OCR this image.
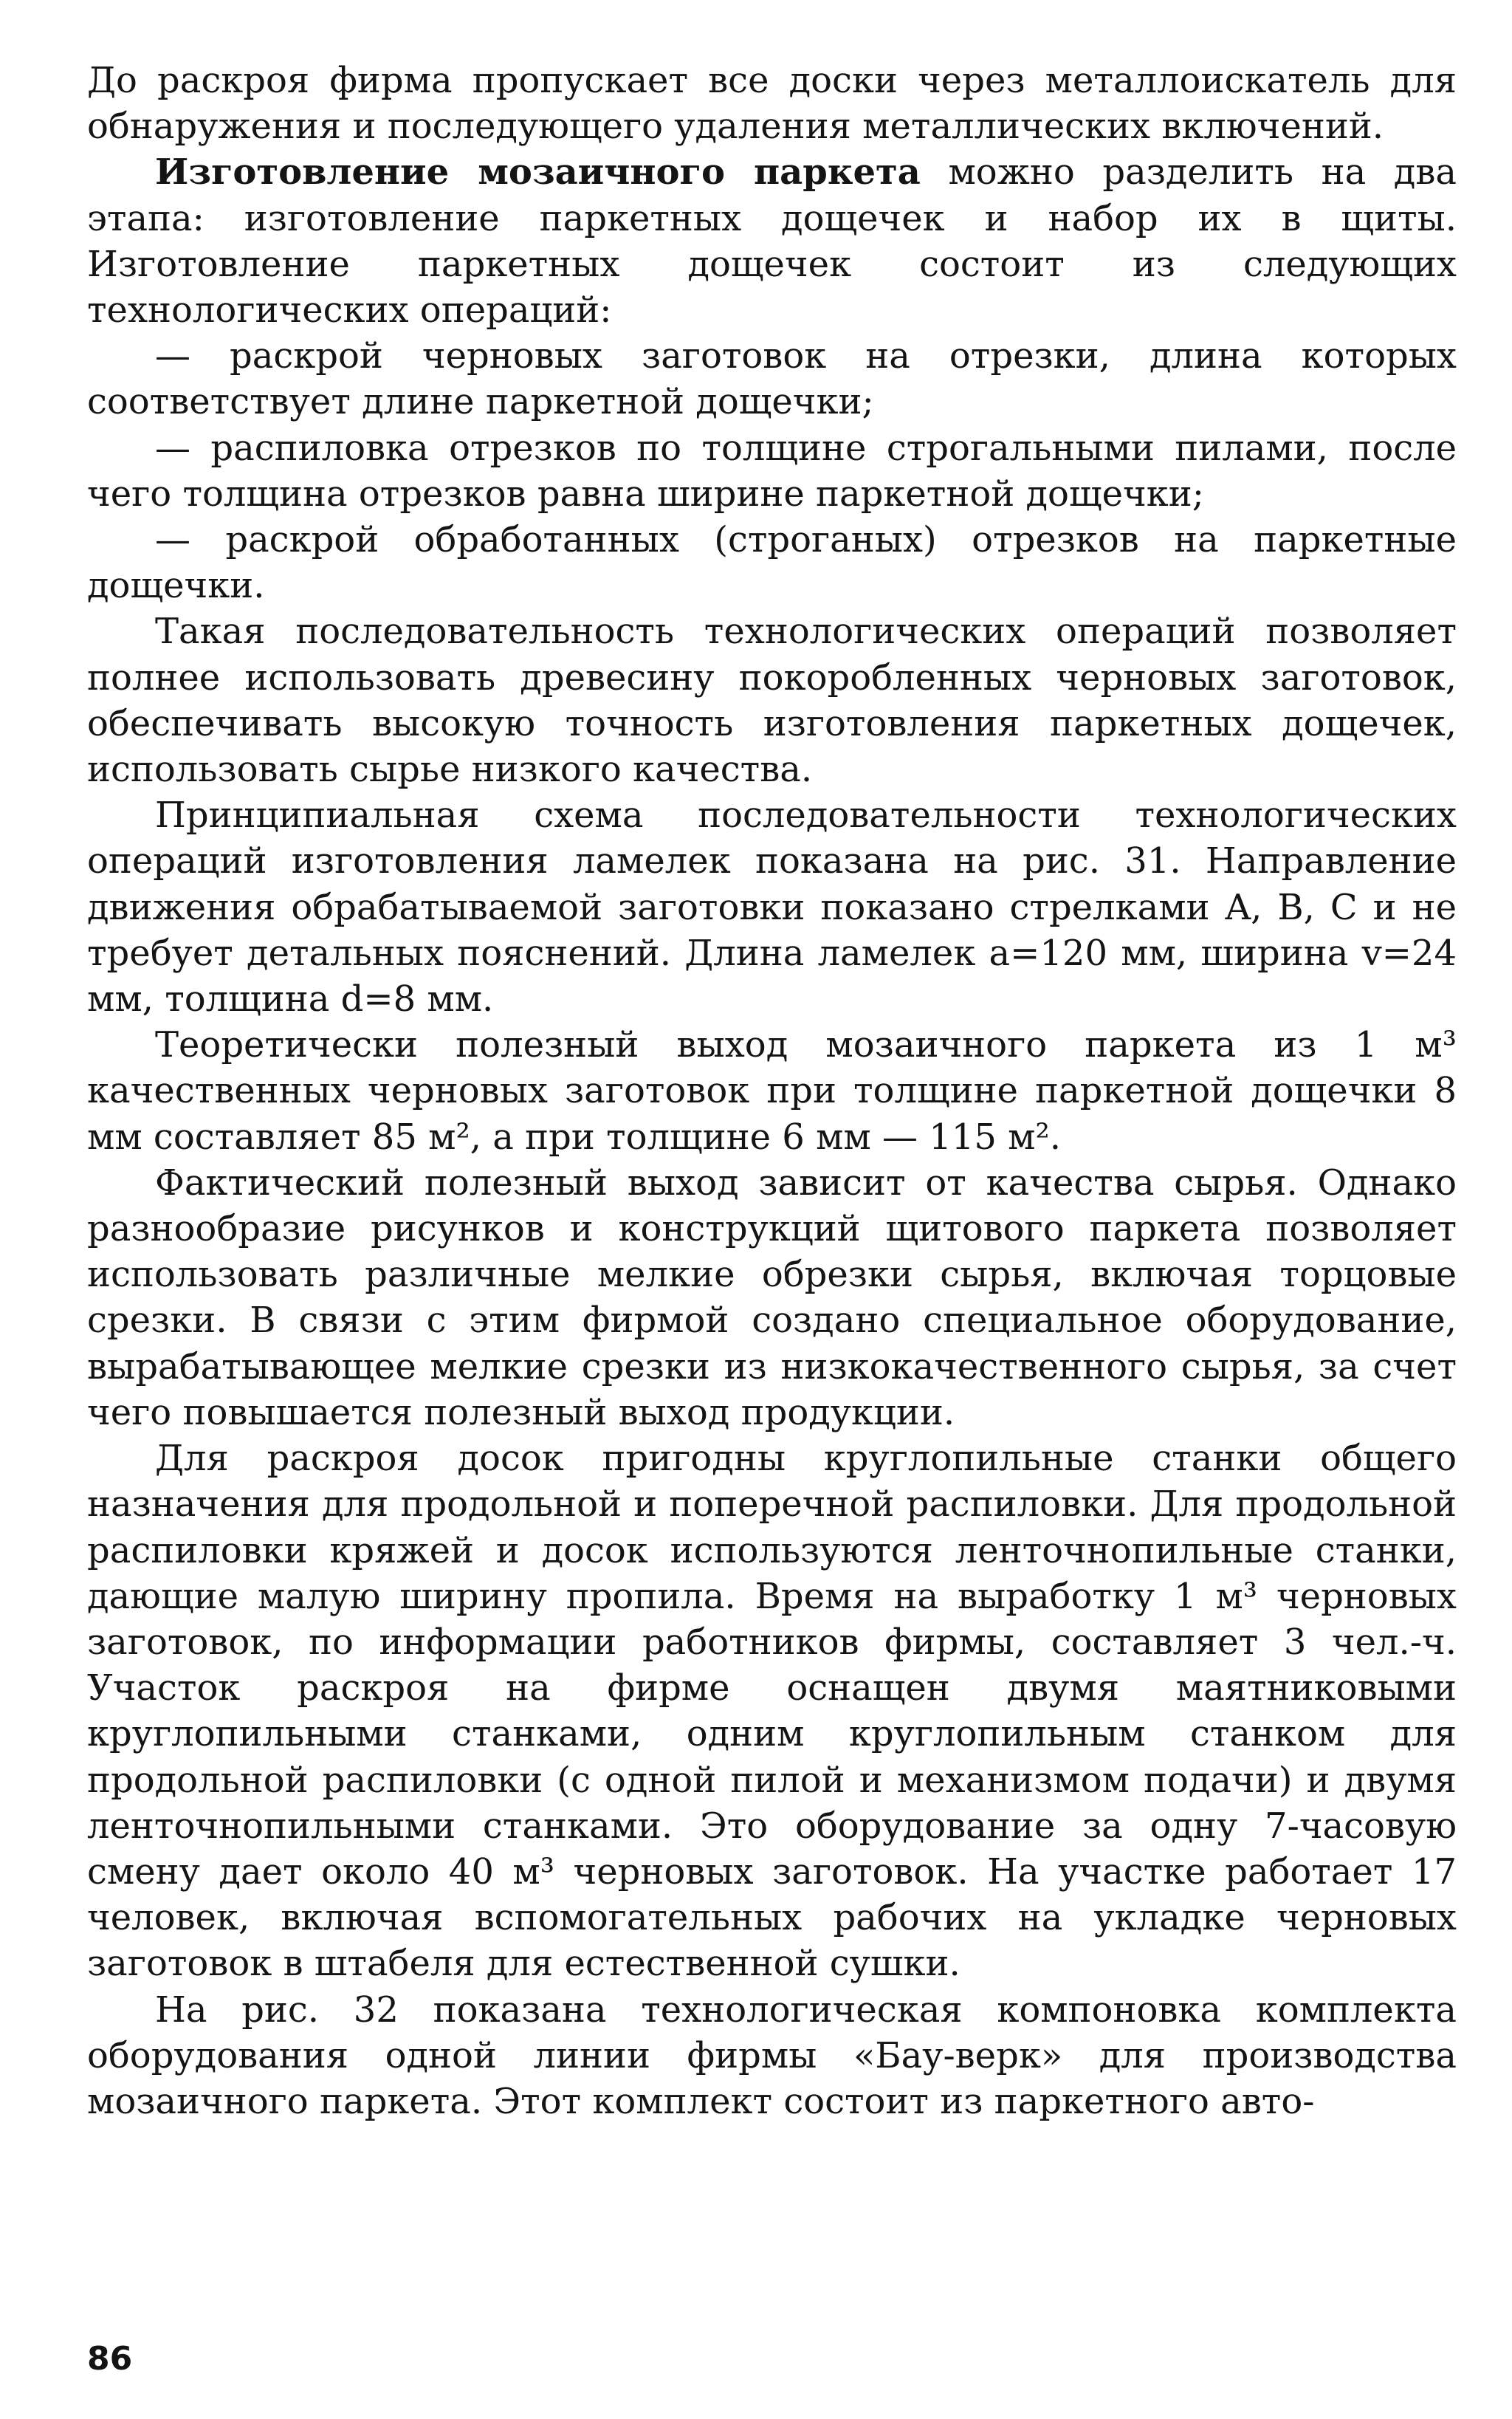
До раскроя фирма пропускает все доски через металлоискатель для обнаружения и последующего удаления металлических включений.

Изготовление мозаичного паркета можно разделить на два этапа: изготовление паркетных дощечек и набор их в щиты. Изготовление паркетных дощечек состоит из следующих технологических операций:

— раскрой черновых заготовок на отрезки, длина которых соответствует длине паркетной дощечки;

— распиловка отрезков по толщине строгальными пилами, после чего толщина отрезков равна ширине паркетной дощечки;

— раскрой обработанных (строганых) отрезков на паркетные дощечки.

Такая последовательность технологических операций позволяет полнее использовать древесину покоробленных черновых заготовок, обеспечивать высокую точность изготовления паркетных дощечек, использовать сырье низкого качества.

Принципиальная схема последовательности технологических операций изготовления ламелек показана на рис. 31. Направление движения обрабатываемой заготовки показано стрелками A, B, C и не требует детальных пояснений. Длина ламелек a=120 мм, ширина v=24 мм, толщина d=8 мм.

Теоретически полезный выход мозаичного паркета из 1 м³ качественных черновых заготовок при толщине паркетной дощечки 8 мм составляет 85 м², а при толщине 6 мм — 115 м².

Фактический полезный выход зависит от качества сырья. Однако разнообразие рисунков и конструкций щитового паркета позволяет использовать различные мелкие обрезки сырья, включая торцовые срезки. В связи с этим фирмой создано специальное оборудование, вырабатывающее мелкие срезки из низкокачественного сырья, за счет чего повышается полезный выход продукции.

Для раскроя досок пригодны круглопильные станки общего назначения для продольной и поперечной распиловки. Для продольной распиловки кряжей и досок используются ленточнопильные станки, дающие малую ширину пропила. Время на выработку 1 м³ черновых заготовок, по информации работников фирмы, составляет 3 чел.-ч. Участок раскроя на фирме оснащен двумя маятниковыми круглопильными станками, одним круглопильным станком для продольной распиловки (с одной пилой и механизмом подачи) и двумя ленточнопильными станками. Это оборудование за одну 7-часовую смену дает около 40 м³ черновых заготовок. На участке работает 17 человек, включая вспомогательных рабочих на укладке черновых заготовок в штабеля для естественной сушки.

На рис. 32 показана технологическая компоновка комплекта оборудования одной линии фирмы «Бау-верк» для производства мозаичного паркета. Этот комплект состоит из паркетного авто-

86
